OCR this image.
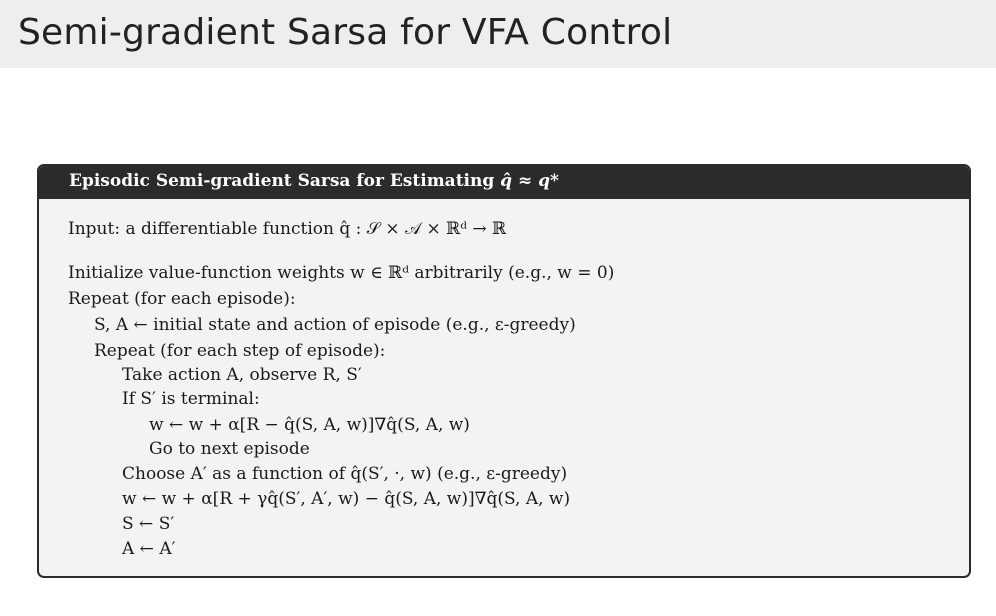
Semi-gradient Sarsa for VFA Control
Episodic Semi-gradient Sarsa for Estimating q̂ ≈ q*
Input: a differentiable function q̂ : 𝒮 × 𝒜 × ℝᵈ → ℝ
Initialize value-function weights w ∈ ℝᵈ arbitrarily (e.g., w = 0)
Repeat (for each episode):
S, A ← initial state and action of episode (e.g., ε-greedy)
Repeat (for each step of episode):
Take action A, observe R, S′
If S′ is terminal:
w ← w + α[R − q̂(S, A, w)]∇q̂(S, A, w)
Go to next episode
Choose A′ as a function of q̂(S′, ·, w) (e.g., ε-greedy)
w ← w + α[R + γq̂(S′, A′, w) − q̂(S, A, w)]∇q̂(S, A, w)
S ← S′
A ← A′
